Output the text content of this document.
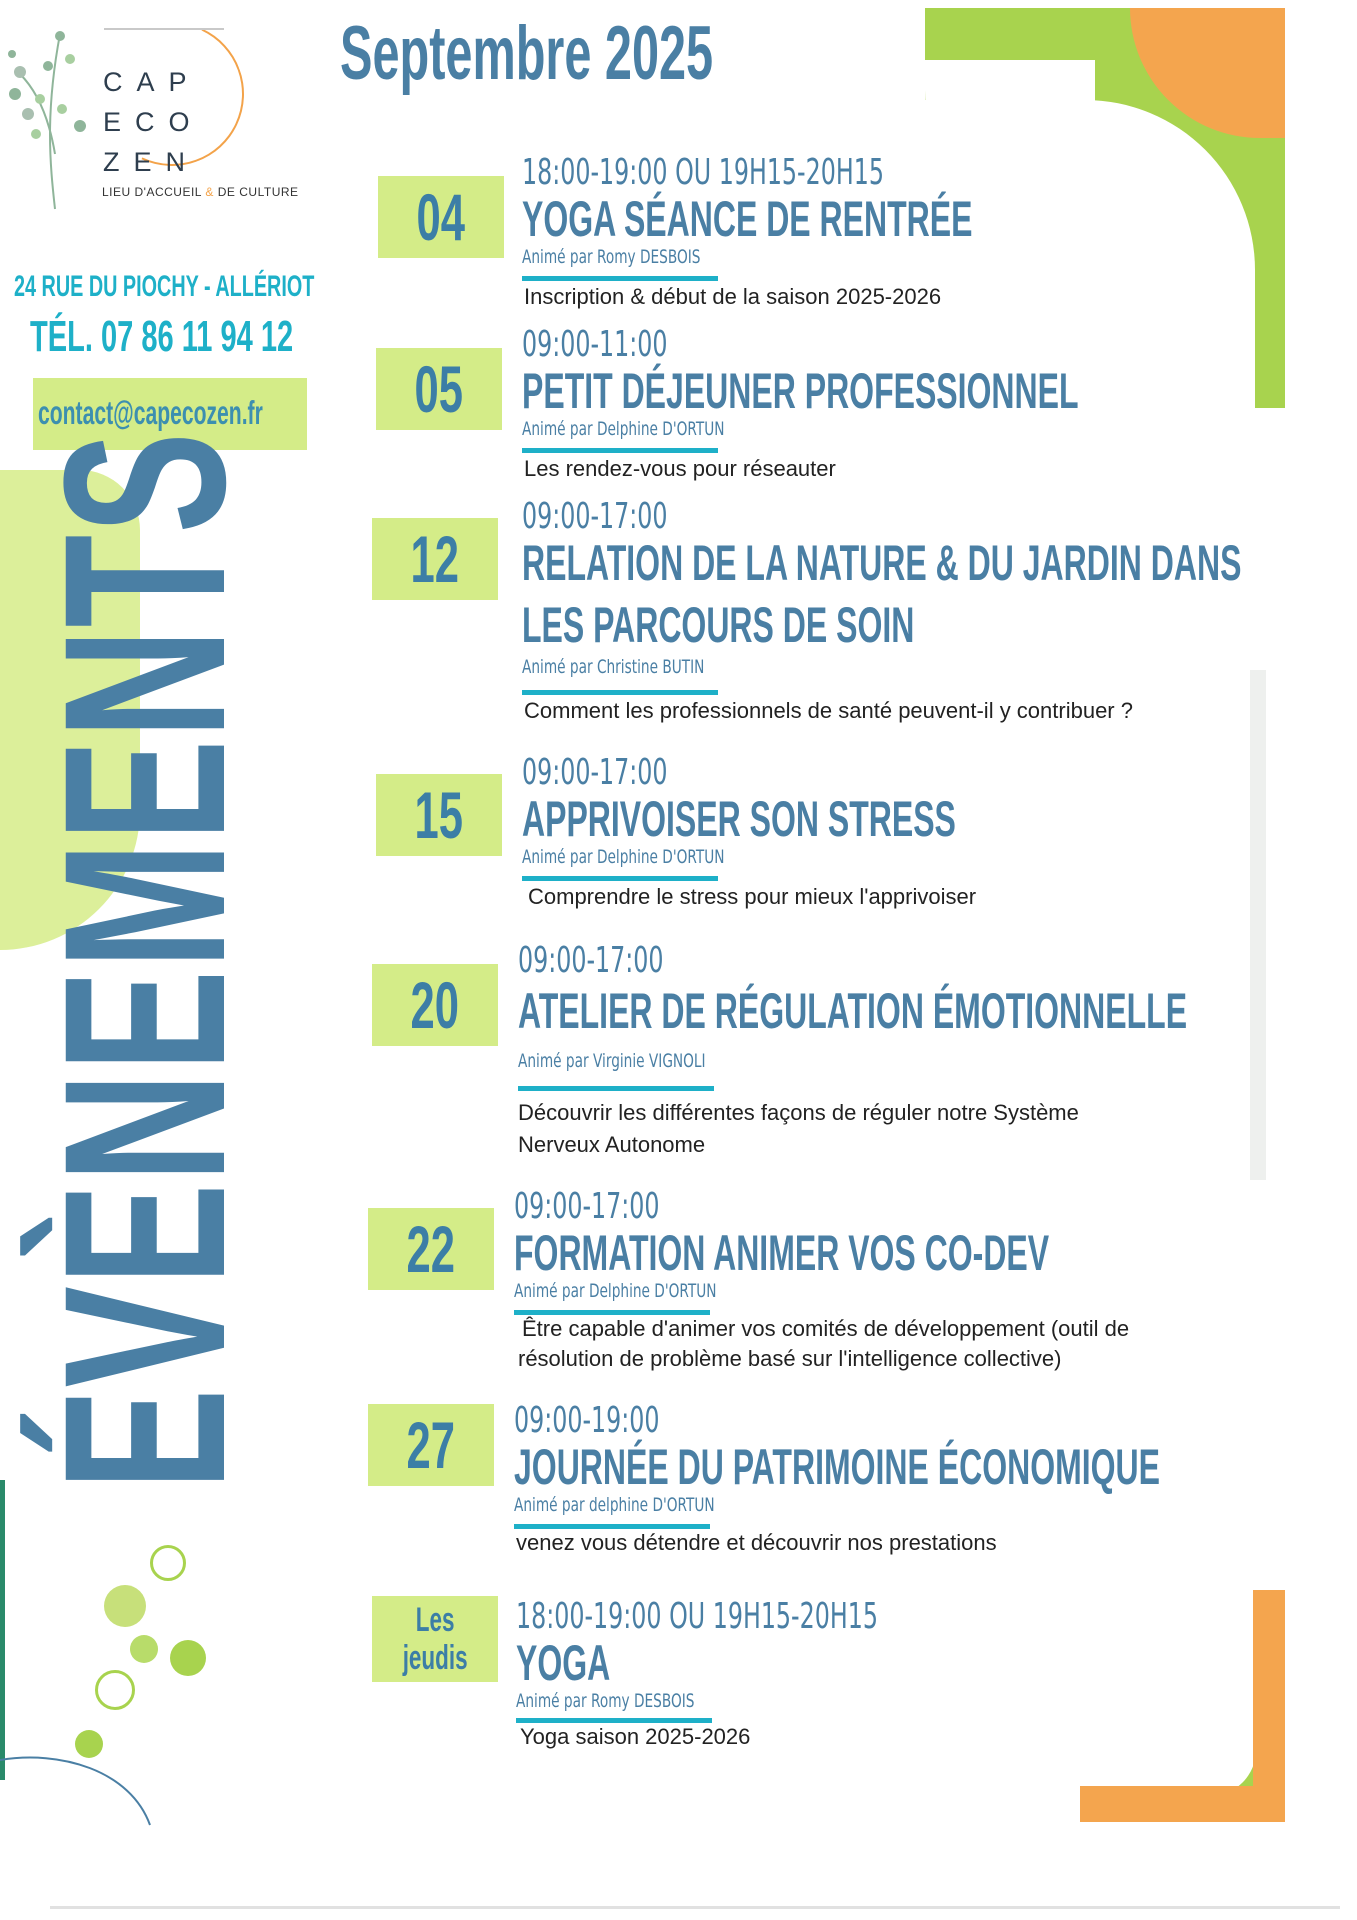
CAP
ECO
ZEN
LIEU D'ACCUEIL & DE CULTURE
24 RUE DU PIOCHY - ALLÉRIOT
TÉL. 07 86 11 94 12
contact@capecozen.fr
Septembre 2025
ÉVÈNEMENTS
04
18:00-19:00 OU 19H15-20H15
YOGA SÉANCE DE RENTRÉE
Animé par Romy DESBOIS
Inscription & début de la saison 2025-2026
05
09:00-11:00
PETIT DÉJEUNER PROFESSIONNEL
Animé par Delphine D'ORTUN
Les rendez-vous pour réseauter
12
09:00-17:00
RELATION DE LA NATURE & DU JARDIN DANS
LES PARCOURS DE SOIN
Animé par Christine BUTIN
Comment les professionnels de santé peuvent-il y contribuer ?
15
09:00-17:00
APPRIVOISER SON STRESS
Animé par Delphine D'ORTUN
Comprendre le stress pour mieux l'apprivoiser
20
09:00-17:00
ATELIER DE RÉGULATION ÉMOTIONNELLE
Animé par Virginie VIGNOLI
Découvrir les différentes façons de réguler notre Système
Nerveux Autonome
22
09:00-17:00
FORMATION ANIMER VOS CO-DEV
Animé par Delphine D'ORTUN
Être capable d'animer vos comités de développement (outil de
résolution de problème basé sur l'intelligence collective)
27 09:00-19:00
JOURNÉE DU PATRIMOINE ÉCONOMIQUE
Animé par delphine D'ORTUN
venez vous détendre et découvrir nos prestations
Les
jeudis
18:00-19:00 OU 19H15-20H15
YOGA
Animé par Romy DESBOIS
Yoga saison 2025-2026
